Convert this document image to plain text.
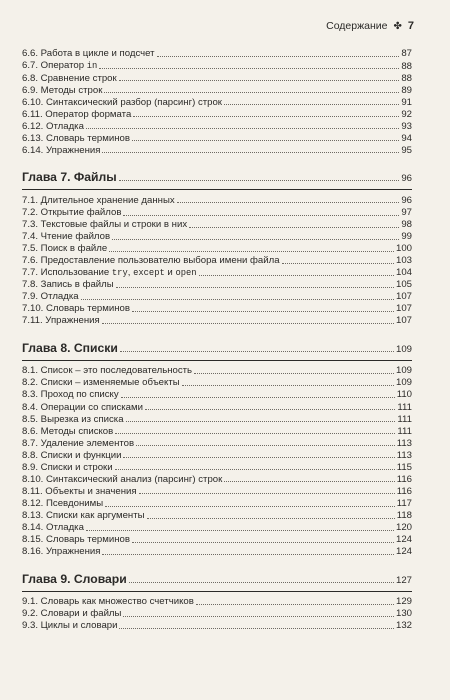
Содержание ✤ 7
6.6. Работа в цикле и подсчет	87
6.7. Оператор in	88
6.8. Сравнение строк	88
6.9. Методы строк	89
6.10. Синтаксический разбор (парсинг) строк	91
6.11. Оператор формата	92
6.12. Отладка	93
6.13. Словарь терминов	94
6.14. Упражнения	95
Глава 7. Файлы	96
7.1. Длительное хранение данных	96
7.2. Открытие файлов	97
7.3. Текстовые файлы и строки в них	98
7.4. Чтение файлов	99
7.5. Поиск в файле	100
7.6. Предоставление пользователю выбора имени файла	103
7.7. Использование try, except и open	104
7.8. Запись в файлы	105
7.9. Отладка	107
7.10. Словарь терминов	107
7.11. Упражнения	107
Глава 8. Списки	109
8.1. Список – это последовательность	109
8.2. Списки – изменяемые объекты	109
8.3. Проход по списку	110
8.4. Операции со списками	111
8.5. Вырезка из списка	111
8.6. Методы списков	111
8.7. Удаление элементов	113
8.8. Списки и функции	113
8.9. Списки и строки	115
8.10. Синтаксический анализ (парсинг) строк	116
8.11. Объекты и значения	116
8.12. Псевдонимы	117
8.13. Списки как аргументы	118
8.14. Отладка	120
8.15. Словарь терминов	124
8.16. Упражнения	124
Глава 9. Словари	127
9.1. Словарь как множество счетчиков	129
9.2. Словари и файлы	130
9.3. Циклы и словари	132
